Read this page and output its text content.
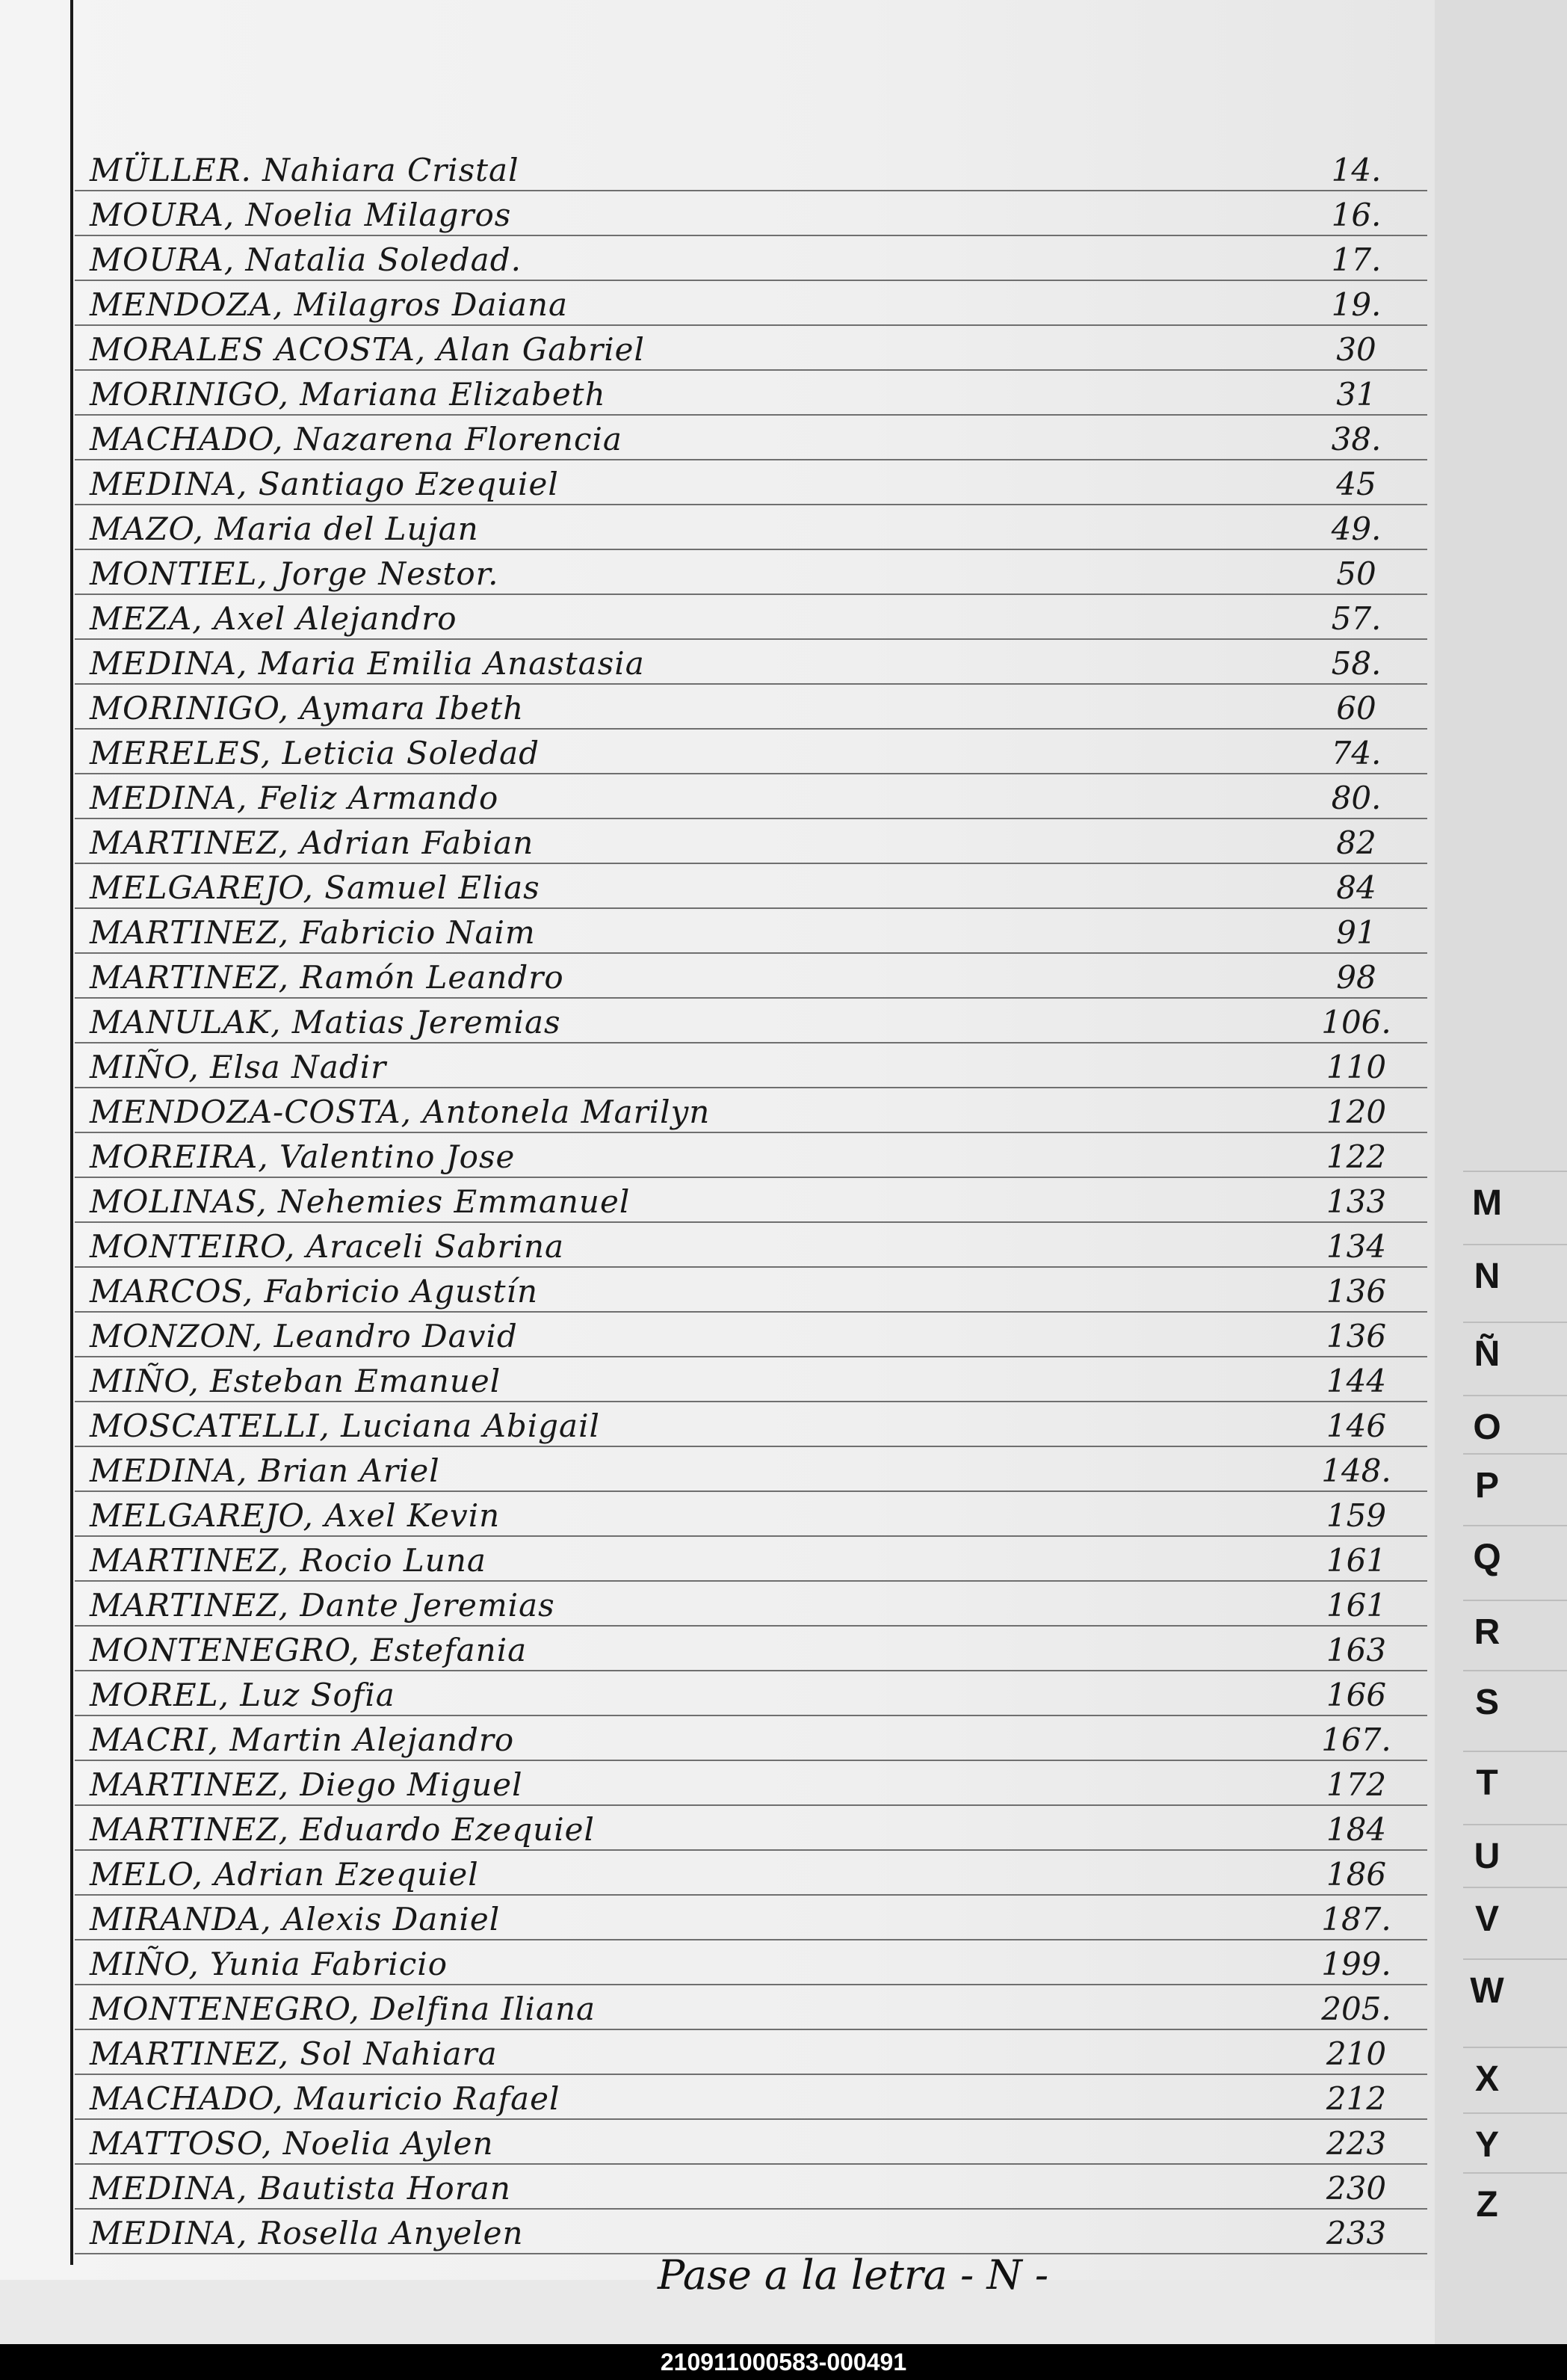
MÜLLER. Nahiara Cristal	14.
MOURA, Noelia Milagros	16.
MOURA, Natalia Soledad.	17.
MENDOZA, Milagros Daiana	19.
MORALES ACOSTA, Alan Gabriel	30
MORINIGO, Mariana Elizabeth	31
MACHADO, Nazarena Florencia	38.
MEDINA, Santiago Ezequiel	45
MAZO, Maria del Lujan	49.
MONTIEL, Jorge Nestor.	50
MEZA, Axel Alejandro	57.
MEDINA, Maria Emilia Anastasia	58.
MORINIGO, Aymara Ibeth	60
MERELES, Leticia Soledad	74.
MEDINA, Feliz Armando	80.
MARTINEZ, Adrian Fabian	82
MELGAREJO, Samuel Elias	84
MARTINEZ, Fabricio Naim	91
MARTINEZ, Ramón Leandro	98
MANULAK, Matias Jeremias	106.
MIÑO, Elsa Nadir	110
MENDOZA-COSTA, Antonela Marilyn	120
MOREIRA, Valentino Jose	122
MOLINAS, Nehemies Emmanuel	133
MONTEIRO, Araceli Sabrina	134
MARCOS, Fabricio Agustín	136
MONZON, Leandro David	136
MIÑO, Esteban Emanuel	144
MOSCATELLI, Luciana Abigail	146
MEDINA, Brian Ariel	148.
MELGAREJO, Axel Kevin	159
MARTINEZ, Rocio Luna	161
MARTINEZ, Dante Jeremias	161
MONTENEGRO, Estefania	163
MOREL, Luz Sofia	166
MACRI, Martin Alejandro	167.
MARTINEZ, Diego Miguel	172
MARTINEZ, Eduardo Ezequiel	184
MELO, Adrian Ezequiel	186
MIRANDA, Alexis Daniel	187.
MIÑO, Yunia Fabricio	199.
MONTENEGRO, Delfina Iliana	205.
MARTINEZ, Sol Nahiara	210
MACHADO, Mauricio Rafael	212
MATTOSO, Noelia Aylen	223
MEDINA, Bautista Horan	230
MEDINA, Rosella Anyelen	233
Pase a la letra - N -
M
N
Ñ
O
P
Q
R
S
T
U
V
W
X
Y
Z
210911000583-000491
